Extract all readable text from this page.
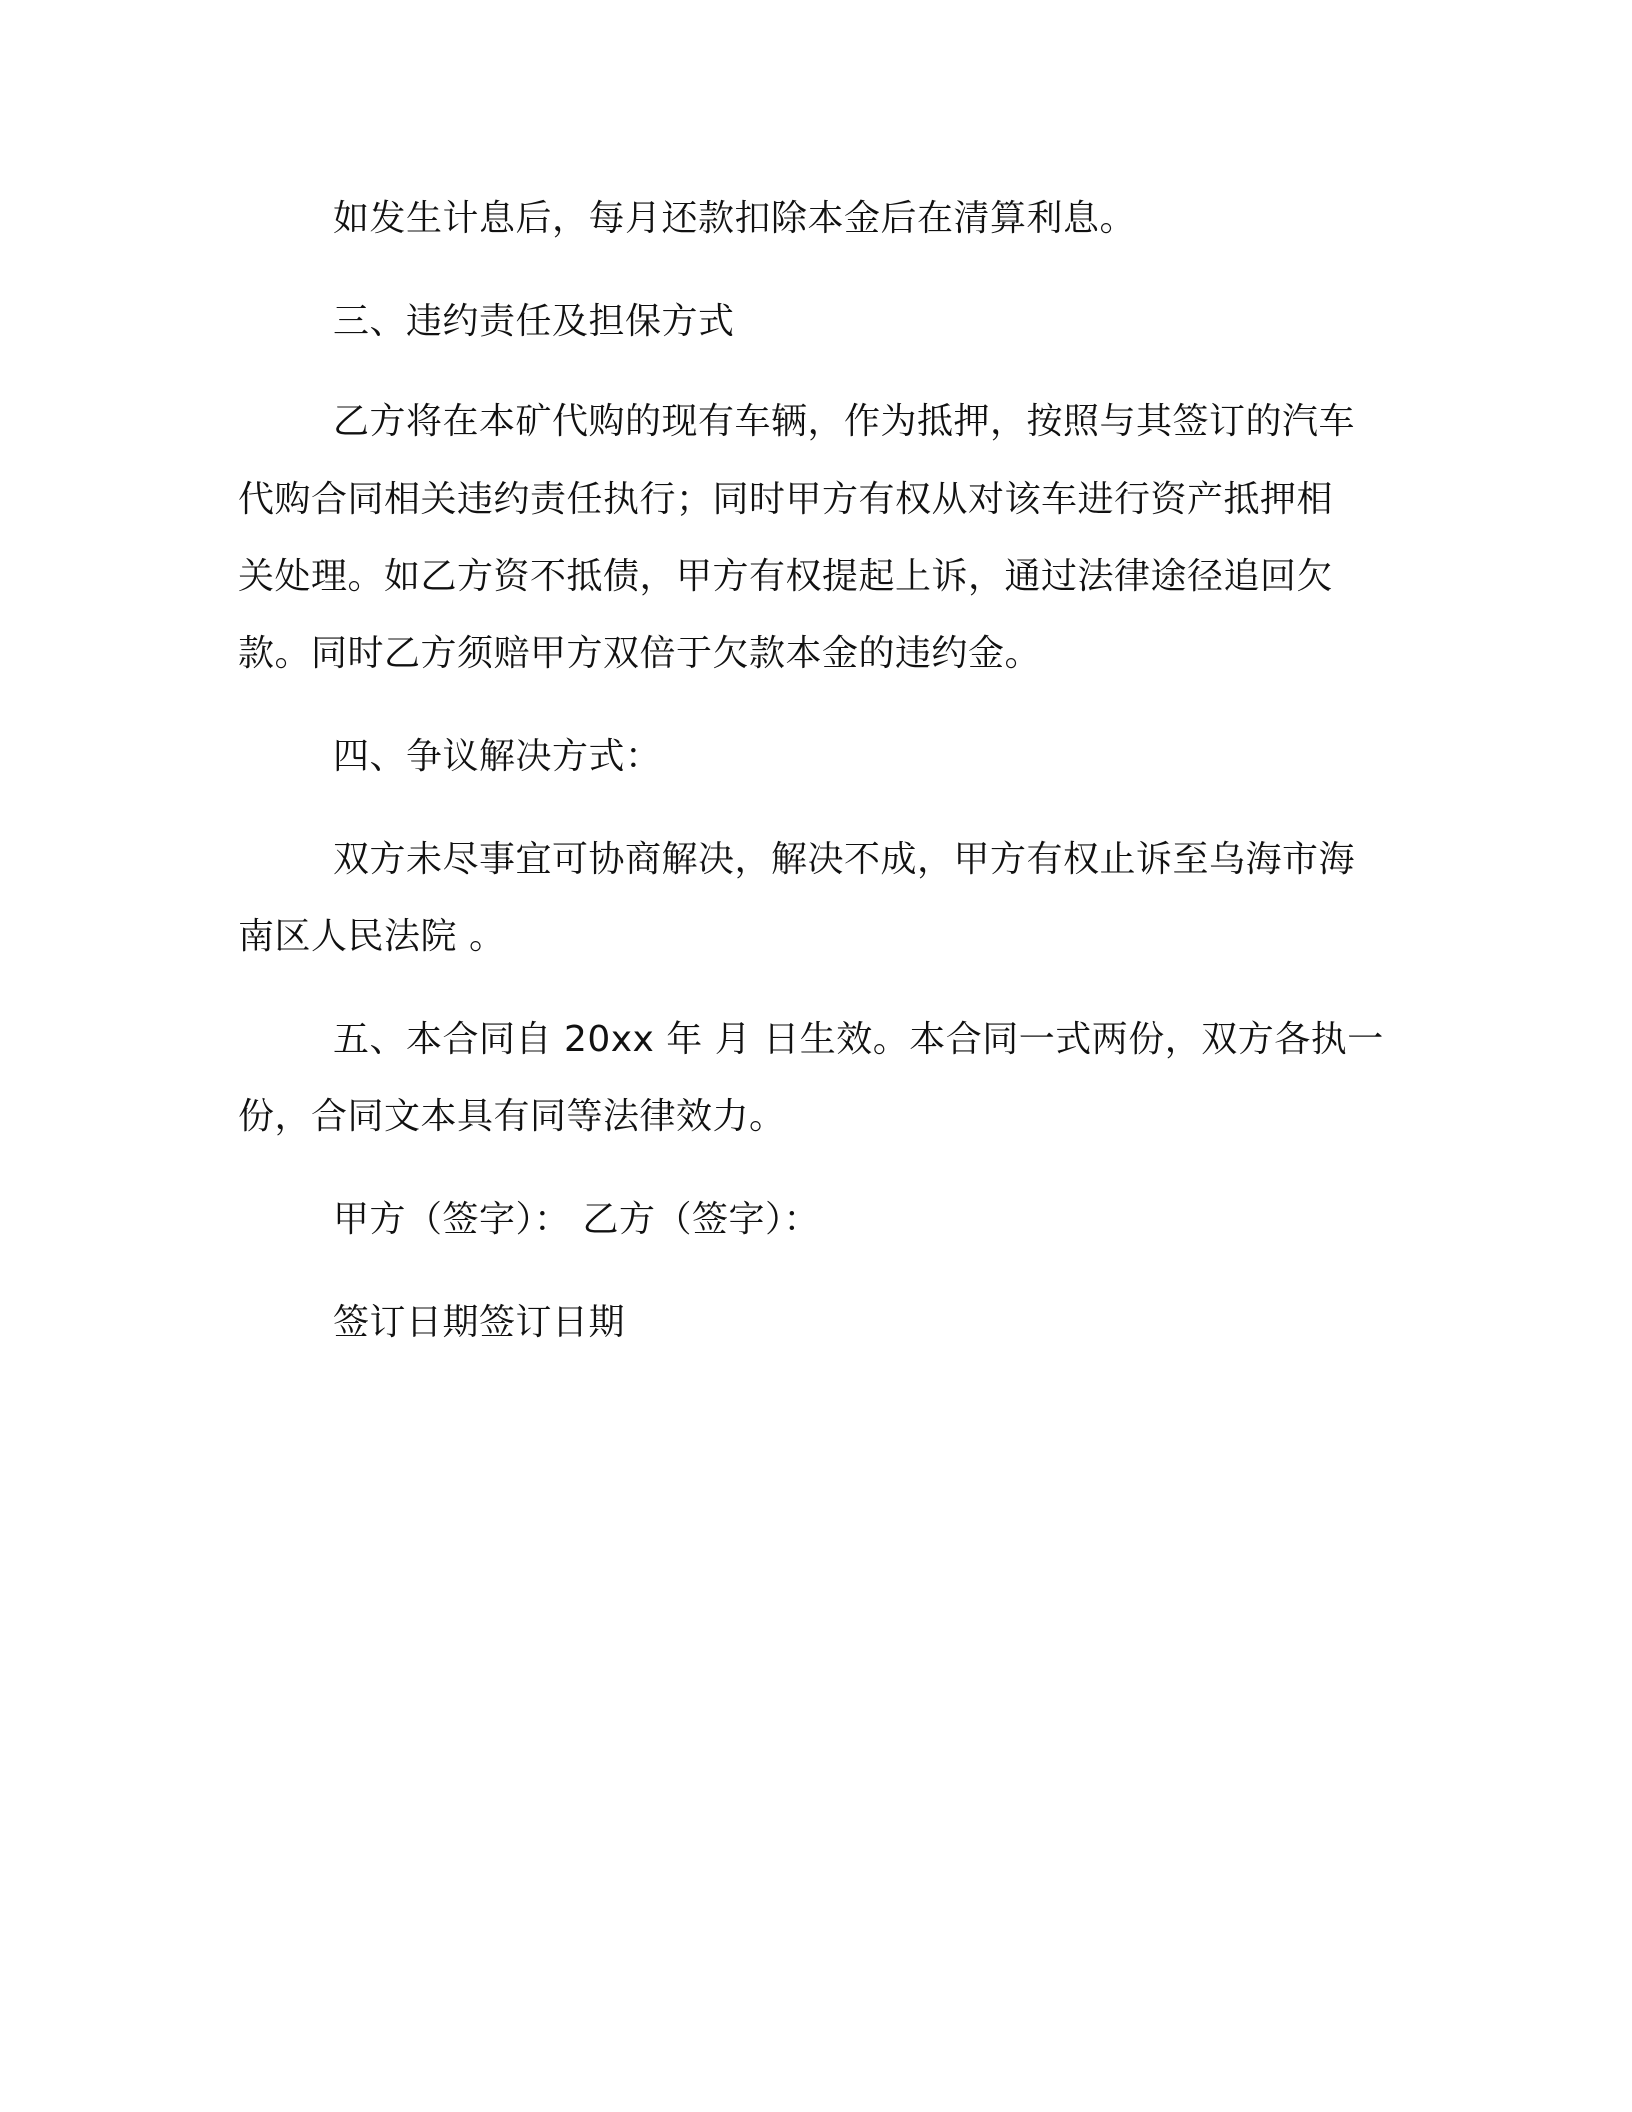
如发生计息后，每月还款扣除本金后在清算利息。

三、违约责任及担保方式

乙方将在本矿代购的现有车辆，作为抵押，按照与其签订的汽车

代购合同相关违约责任执行；同时甲方有权从对该车进行资产抵押相

关处理。如乙方资不抵债，甲方有权提起上诉，通过法律途径追回欠

款。同时乙方须赔甲方双倍于欠款本金的违约金。

四、争议解决方式：

双方未尽事宜可协商解决，解决不成，甲方有权止诉至乌海市海

南区人民法院 。

五、本合同自 20xx 年 月 日生效。本合同一式两份，双方各执一

份，合同文本具有同等法律效力。

甲方（签字）： 乙方（签字）：

签订日期签订日期
